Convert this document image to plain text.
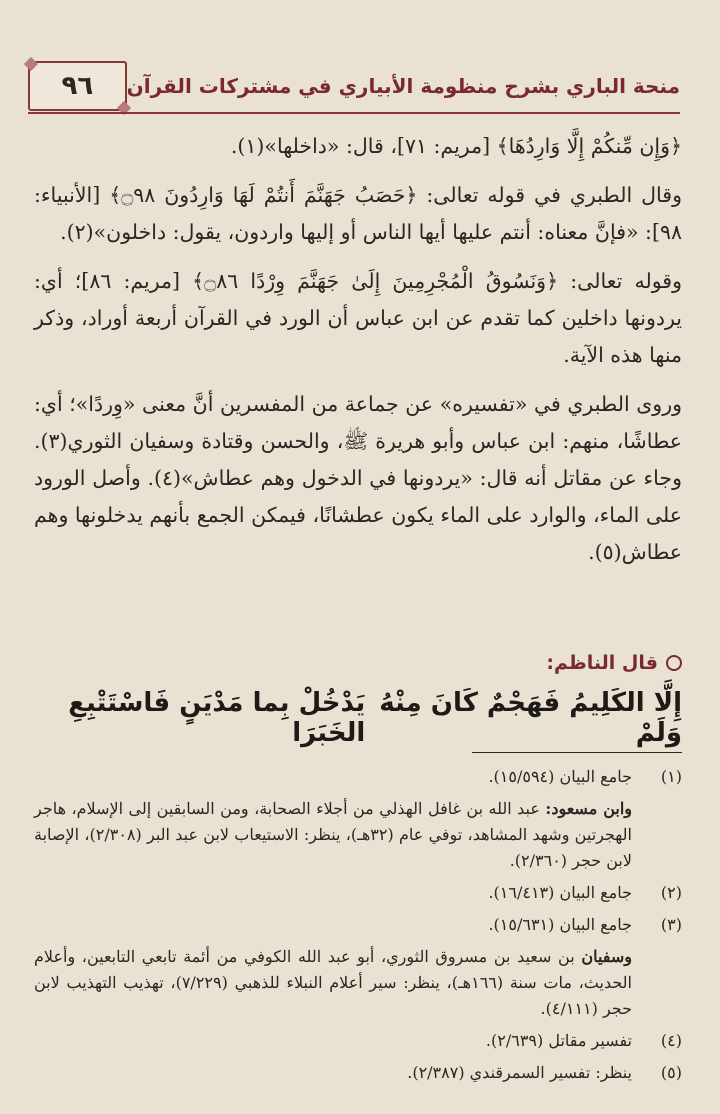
منحة الباري بشرح منظومة الأبياري في مشتركات القرآن
٩٦

﴿وَإِن مِّنكُمْ إِلَّا وَارِدُهَا﴾ [مريم: ٧١]، قال: «داخلها»(١).

وقال الطبري في قوله تعالى: ﴿حَصَبُ جَهَنَّمَ أَنتُمْ لَهَا وَارِدُونَ ۝٩٨﴾ [الأنبياء: ٩٨]: «فإنَّ معناه: أنتم عليها أيها الناس أو إليها واردون، يقول: داخلون»(٢).

وقوله تعالى: ﴿وَنَسُوقُ الْمُجْرِمِينَ إِلَىٰ جَهَنَّمَ وِرْدًا ۝٨٦﴾ [مريم: ٨٦]؛ أي: يردونها داخلين كما تقدم عن ابن عباس أن الورد في القرآن أربعة أوراد، وذكر منها هذه الآية.

وروى الطبري في «تفسيره» عن جماعة من المفسرين أنَّ معنى «وِردًا»؛ أي: عطاشًا، منهم: ابن عباس وأبو هريرة ﷺ، والحسن وقتادة وسفيان الثوري(٣). وجاء عن مقاتل أنه قال: «يردونها في الدخول وهم عطاش»(٤). وأصل الورود على الماء، والوارد على الماء يكون عطشانًا، فيمكن الجمع بأنهم يدخلونها وهم عطاش(٥).

قال الناظم:
إِلَّا الكَلِيمُ فَهَجْمٌ كَانَ مِنْهُ وَلَمْ
يَدْخُلْ بِما مَدْيَنٍ فَاسْتَتْبِعِ الخَبَرَا
(١)
جامع البيان (١٥/٥٩٤).
وابن مسعود: عبد الله بن غافل الهذلي من أجلاء الصحابة، ومن السابقين إلى الإسلام، هاجر الهجرتين وشهد المشاهد، توفي عام (٣٢هـ)، ينظر: الاستيعاب لابن عبد البر (٢/٣٠٨)، الإصابة لابن حجر (٢/٣٦٠).
(٢)
جامع البيان (١٦/٤١٣).
(٣)
جامع البيان (١٥/٦٣١).
وسفيان بن سعيد بن مسروق الثوري، أبو عبد الله الكوفي من أئمة تابعي التابعين، وأعلام الحديث، مات سنة (١٦٦هـ)، ينظر: سير أعلام النبلاء للذهبي (٧/٢٢٩)، تهذيب التهذيب لابن حجر (٤/١١١).
(٤)
تفسير مقاتل (٢/٦٣٩).
(٥)
ينظر: تفسير السمرقندي (٢/٣٨٧).
